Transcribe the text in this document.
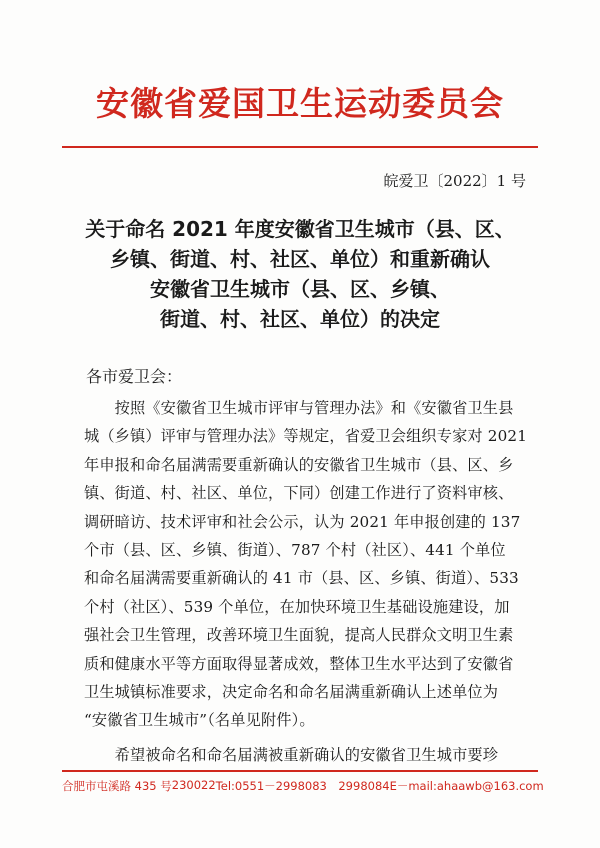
安徽省爱国卫生运动委员会
皖爱卫〔2022〕1 号
关于命名 2021 年度安徽省卫生城市（县、区、
乡镇、街道、村、社区、单位）和重新确认
安徽省卫生城市（县、区、乡镇、
街道、村、社区、单位）的决定
各市爱卫会：
　　按照《安徽省卫生城市评审与管理办法》和《安徽省卫生县
城（乡镇）评审与管理办法》等规定，省爱卫会组织专家对 2021
年申报和命名届满需要重新确认的安徽省卫生城市（县、区、乡
镇、街道、村、社区、单位，下同）创建工作进行了资料审核、
调研暗访、技术评审和社会公示，认为 2021 年申报创建的 137
个市（县、区、乡镇、街道）、787 个村（社区）、441 个单位
和命名届满需要重新确认的 41 市（县、区、乡镇、街道）、533
个村（社区）、539 个单位，在加快环境卫生基础设施建设，加
强社会卫生管理，改善环境卫生面貌，提高人民群众文明卫生素
质和健康水平等方面取得显著成效，整体卫生水平达到了安徽省
卫生城镇标准要求，决定命名和命名届满重新确认上述单位为
“安徽省卫生城市”（名单见附件）。
　　希望被命名和命名届满被重新确认的安徽省卫生城市要珍
合肥市屯溪路 435 号 230022 Tel:0551－2998083　2998084 E－mail:ahaawb@163.com
